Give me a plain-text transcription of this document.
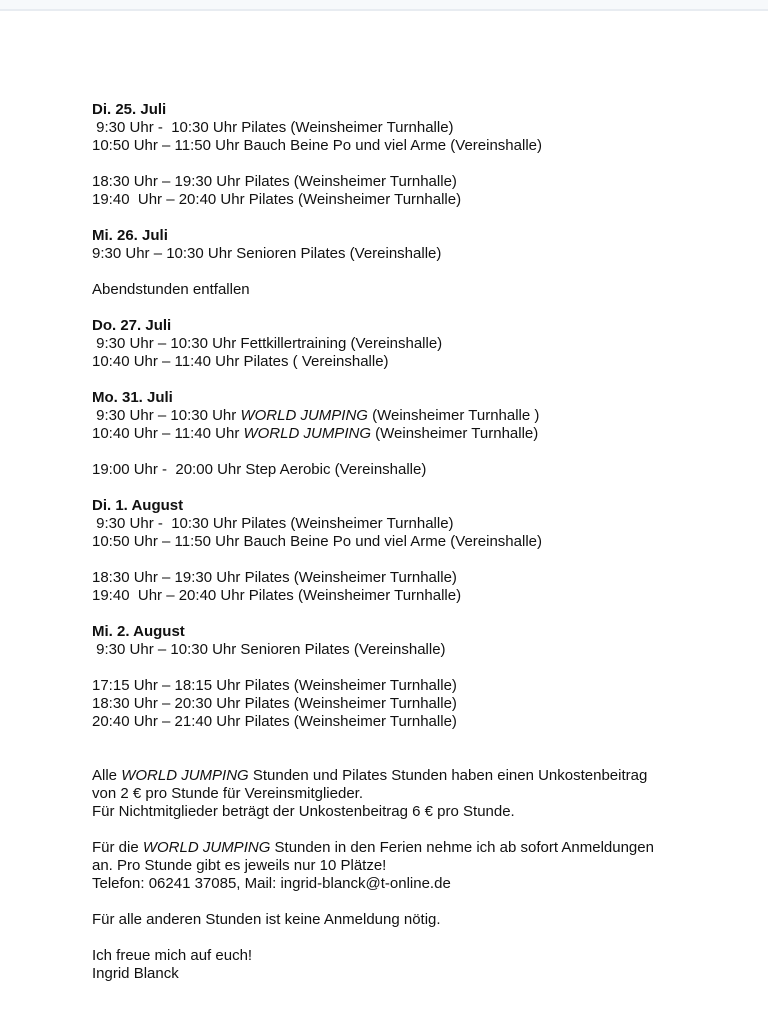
Di. 25. Juli
9:30 Uhr -  10:30 Uhr Pilates (Weinsheimer Turnhalle)
10:50 Uhr – 11:50 Uhr Bauch Beine Po und viel Arme (Vereinshalle)

18:30 Uhr – 19:30 Uhr Pilates (Weinsheimer Turnhalle)
19:40  Uhr – 20:40 Uhr Pilates (Weinsheimer Turnhalle)

Mi. 26. Juli
9:30 Uhr – 10:30 Uhr Senioren Pilates (Vereinshalle)

Abendstunden entfallen

Do. 27. Juli
9:30 Uhr – 10:30 Uhr Fettkillertraining (Vereinshalle)
10:40 Uhr – 11:40 Uhr Pilates ( Vereinshalle)

Mo. 31. Juli
9:30 Uhr – 10:30 Uhr WORLD JUMPING (Weinsheimer Turnhalle )
10:40 Uhr – 11:40 Uhr WORLD JUMPING (Weinsheimer Turnhalle)

19:00 Uhr -  20:00 Uhr Step Aerobic (Vereinshalle)

Di. 1. August
9:30 Uhr -  10:30 Uhr Pilates (Weinsheimer Turnhalle)
10:50 Uhr – 11:50 Uhr Bauch Beine Po und viel Arme (Vereinshalle)

18:30 Uhr – 19:30 Uhr Pilates (Weinsheimer Turnhalle)
19:40  Uhr – 20:40 Uhr Pilates (Weinsheimer Turnhalle)

Mi. 2. August
9:30 Uhr – 10:30 Uhr Senioren Pilates (Vereinshalle)

17:15 Uhr – 18:15 Uhr Pilates (Weinsheimer Turnhalle)
18:30 Uhr – 20:30 Uhr Pilates (Weinsheimer Turnhalle)
20:40 Uhr – 21:40 Uhr Pilates (Weinsheimer Turnhalle)

Alle WORLD JUMPING Stunden und Pilates Stunden haben einen Unkostenbeitrag
von 2 € pro Stunde für Vereinsmitglieder.
Für Nichtmitglieder beträgt der Unkostenbeitrag 6 € pro Stunde.

Für die WORLD JUMPING Stunden in den Ferien nehme ich ab sofort Anmeldungen
an. Pro Stunde gibt es jeweils nur 10 Plätze!
Telefon: 06241 37085, Mail: ingrid-blanck@t-online.de

Für alle anderen Stunden ist keine Anmeldung nötig.

Ich freue mich auf euch!
Ingrid Blanck
